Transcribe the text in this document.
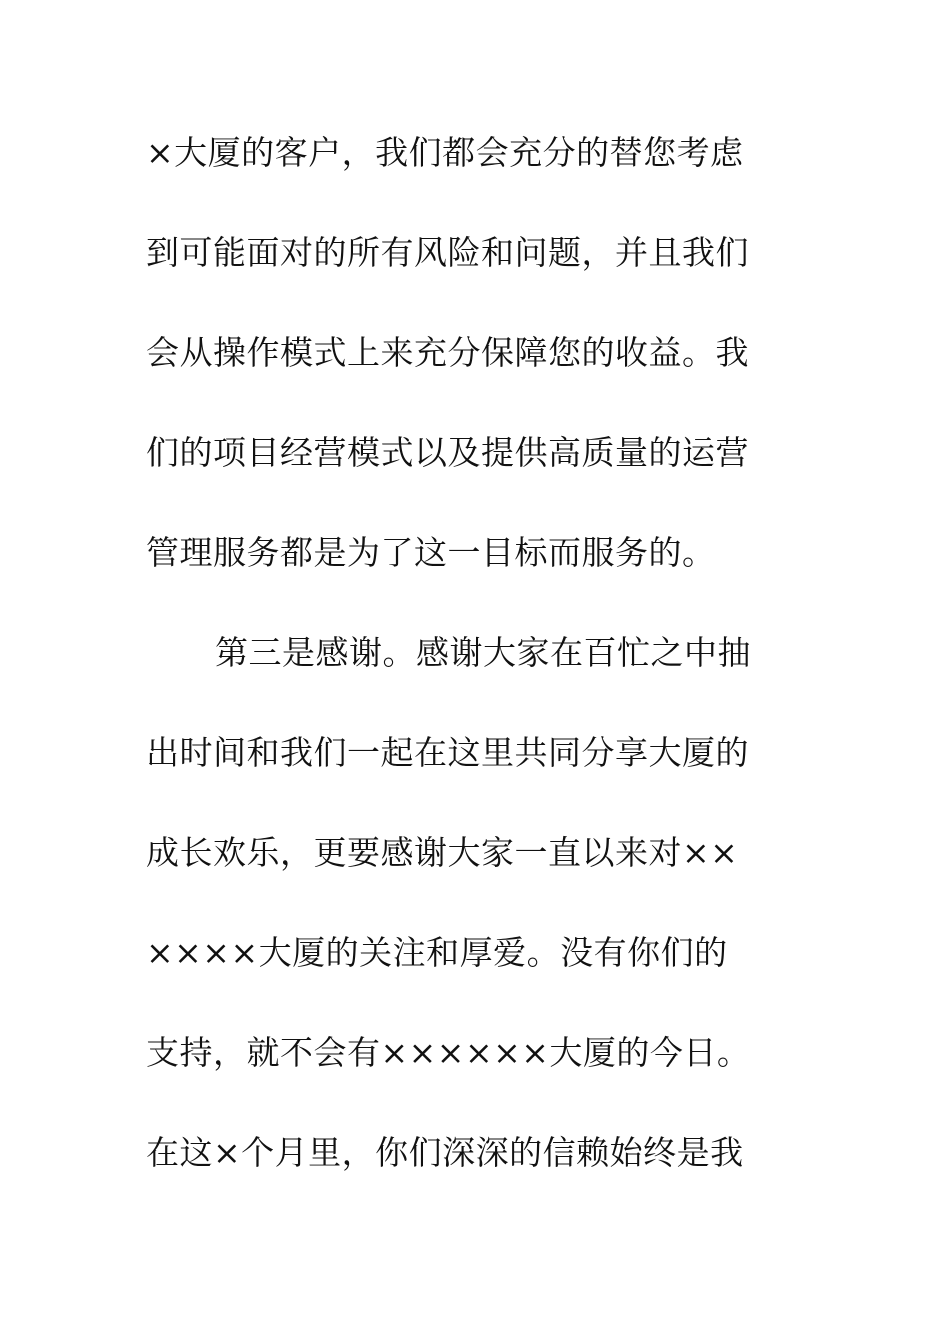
×大厦的客户，我们都会充分的替您考虑
到可能面对的所有风险和问题，并且我们
会从操作模式上来充分保障您的收益。我
们的项目经营模式以及提供高质量的运营
管理服务都是为了这一目标而服务的。
第三是感谢。感谢大家在百忙之中抽
出时间和我们一起在这里共同分享大厦的
成长欢乐，更要感谢大家一直以来对××
××××大厦的关注和厚爱。没有你们的
支持，就不会有××××××大厦的今日。
在这×个月里，你们深深的信赖始终是我
